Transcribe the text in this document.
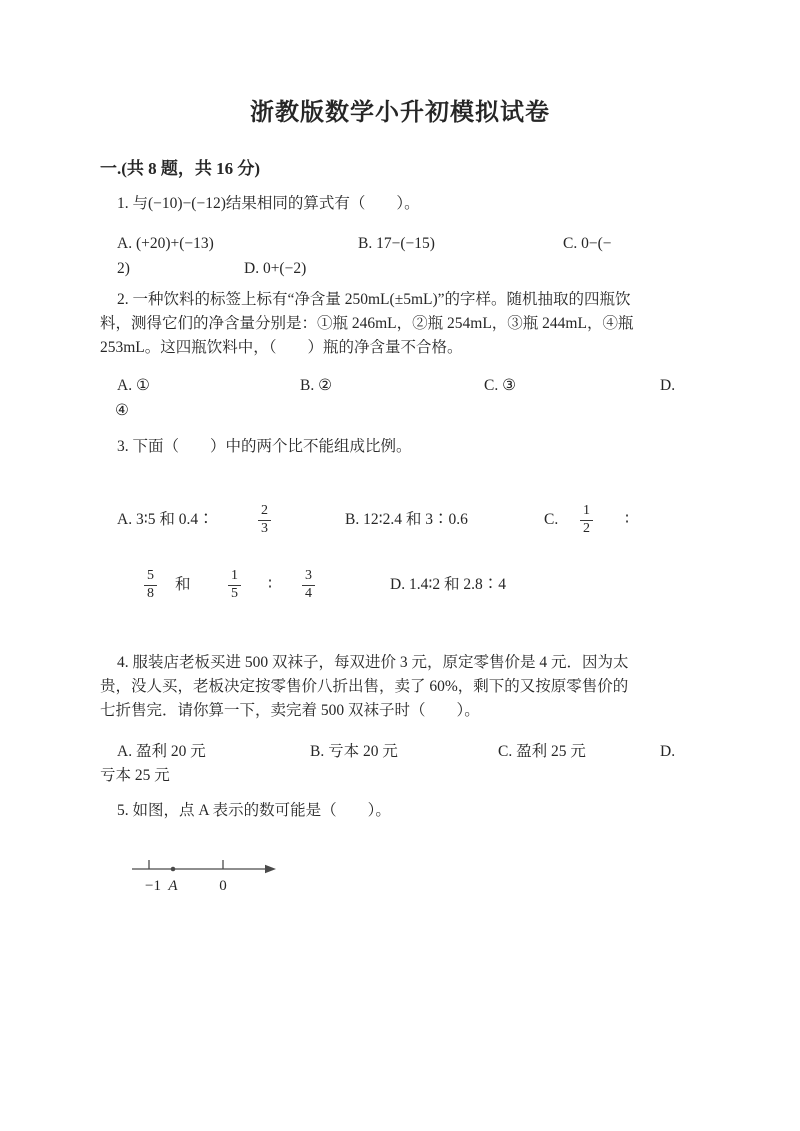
浙教版数学小升初模拟试卷
一.(共 8 题，共 16 分)
1. 与(−10)−(−12)结果相同的算式有（　　）。
A. (+20)+(−13)	B. 17−(−15)	C. 0−(−
2)	D. 0+(−2)
2. 一种饮料的标签上标有“净含量 250mL(±5mL)”的字样。随机抽取的四瓶饮
料，测得它们的净含量分别是：①瓶 246mL，②瓶 254mL，③瓶 244mL，④瓶
253mL。这四瓶饮料中，（　　）瓶的净含量不合格。
A. ①	B. ②	C. ③	D.
④
3. 下面（　　）中的两个比不能组成比例。
A. 3∶5 和 0.4∶	$\frac{2}{3}$	B. 12∶2.4 和 3∶0.6	C. $\frac{1}{2}$ ∶
$\frac{5}{8}$ 和	$\frac{1}{5}$ ∶ $\frac{3}{4}$	D. 1.4∶2 和 2.8∶4
4. 服装店老板买进 500 双袜子，每双进价 3 元，原定零售价是 4 元．因为太
贵，没人买，老板决定按零售价八折出售，卖了 60%，剩下的又按原零售价的
七折售完．请你算一下，卖完着 500 双袜子时（　　）。
A. 盈利 20 元	B. 亏本 20 元	C. 盈利 25 元	D.
亏本 25 元
5. 如图，点 A 表示的数可能是（　　）。
−1 A	0
